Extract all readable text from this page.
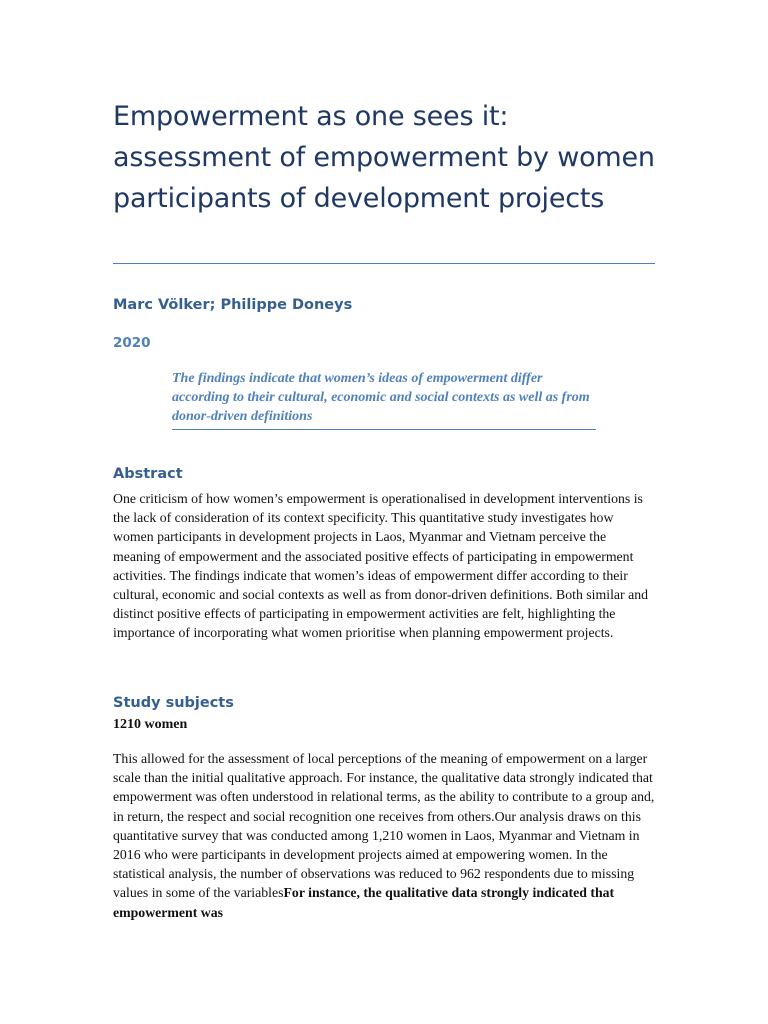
Empowerment as one sees it: assessment of empowerment by women participants of development projects
Marc Völker; Philippe Doneys
2020
The findings indicate that women’s ideas of empowerment differ according to their cultural, economic and social contexts as well as from donor-driven definitions
Abstract

One criticism of how women’s empowerment is operationalised in development interventions is the lack of consideration of its context specificity. This quantitative study investigates how women participants in development projects in Laos, Myanmar and Vietnam perceive the meaning of empowerment and the associated positive effects of participating in empowerment activities. The findings indicate that women’s ideas of empowerment differ according to their cultural, economic and social contexts as well as from donor-driven definitions. Both similar and distinct positive effects of participating in empowerment activities are felt, highlighting the importance of incorporating what women prioritise when planning empowerment projects.

Study subjects
1210 women

This allowed for the assessment of local perceptions of the meaning of empowerment on a larger scale than the initial qualitative approach. For instance, the qualitative data strongly indicated that empowerment was often understood in relational terms, as the ability to contribute to a group and, in return, the respect and social recognition one receives from others.Our analysis draws on this quantitative survey that was conducted among 1,210 women in Laos, Myanmar and Vietnam in 2016 who were participants in development projects aimed at empowering women. In the statistical analysis, the number of observations was reduced to 962 respondents due to missing values in some of the variablesFor instance, the qualitative data strongly indicated that empowerment was
